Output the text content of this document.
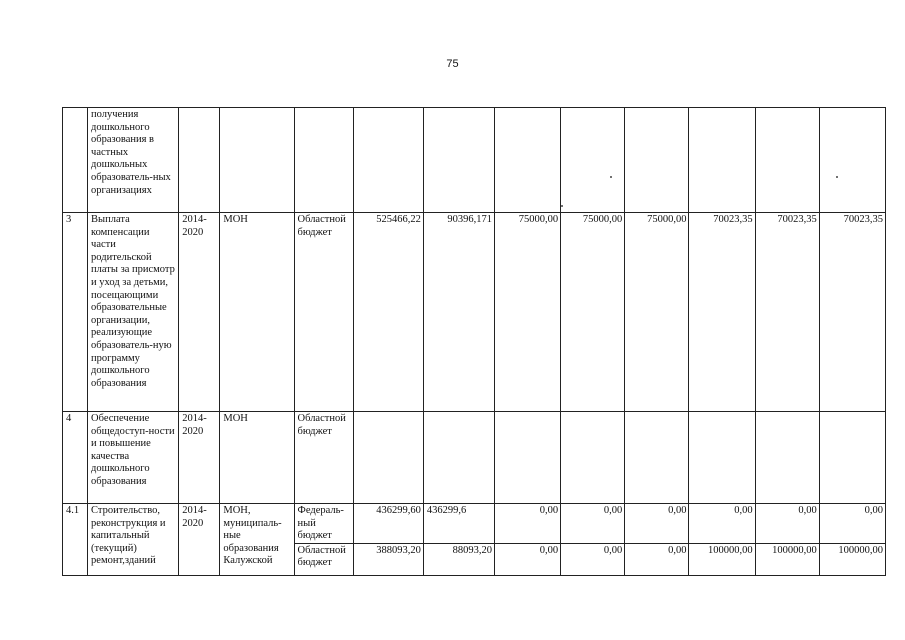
75
	получения дошкольного образования в частных дошкольных образователь-ных организациях											
3	Выплата компенсации части родительской платы за присмотр и уход за детьми, посещающими образовательные организации, реализующие образователь-ную программу дошкольного образования	2014-2020	МОН	Областной бюджет	525466,22	90396,171	75000,00	75000,00	75000,00	70023,35	70023,35	70023,35
4	Обеспечение общедоступ-ности и повышение качества дошкольного образования	2014-2020	МОН	Областной бюджет								
4.1	Строительство, реконструкция и капитальный (текущий) ремонт,зданий	2014-2020	МОН, муниципаль-ные образования Калужской	Федераль-ный бюджет	436299,60	436299,6	0,00	0,00	0,00	0,00	0,00	0,00
				Областной бюджет	388093,20	88093,20	0,00	0,00	0,00	100000,00	100000,00	100000,00
